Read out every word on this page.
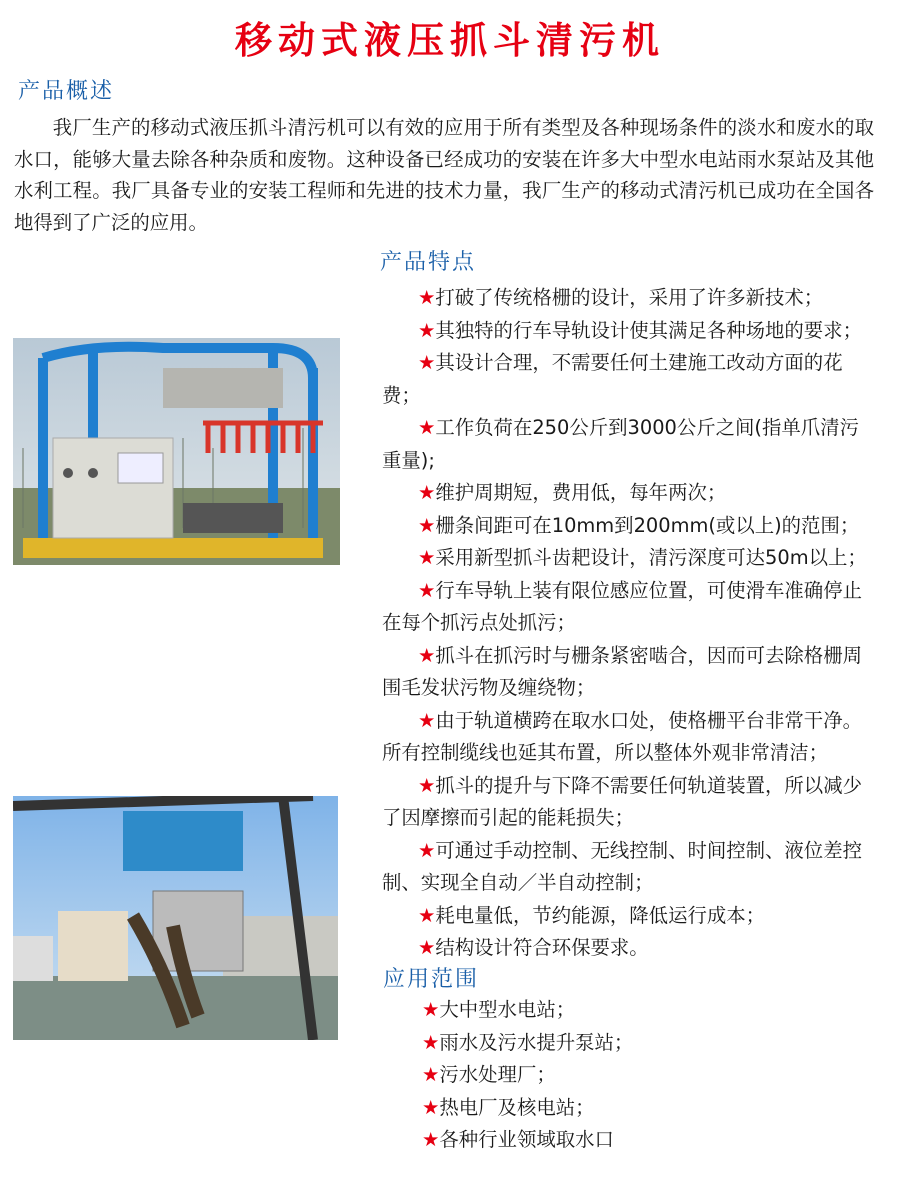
移动式液压抓斗清污机
产品概述
我厂生产的移动式液压抓斗清污机可以有效的应用于所有类型及各种现场条件的淡水和废水的取水口，能够大量去除各种杂质和废物。这种设备已经成功的安装在许多大中型水电站雨水泵站及其他水利工程。我厂具备专业的安装工程师和先进的技术力量，我厂生产的移动式清污机已成功在全国各地得到了广泛的应用。
产品特点
★打破了传统格栅的设计，采用了许多新技术；
★其独特的行车导轨设计使其满足各种场地的要求；
★其设计合理，不需要任何土建施工改动方面的花费；
★工作负荷在250公斤到3000公斤之间(指单爪清污重量);
★维护周期短，费用低，每年两次；
★栅条间距可在10mm到200mm(或以上)的范围；
★采用新型抓斗齿耙设计，清污深度可达50m以上；
★行车导轨上装有限位感应位置，可使滑车准确停止在每个抓污点处抓污；
★抓斗在抓污时与栅条紧密啮合，因而可去除格栅周围毛发状污物及缠绕物；
★由于轨道横跨在取水口处，使格栅平台非常干净。所有控制缆线也延其布置，所以整体外观非常清洁；
★抓斗的提升与下降不需要任何轨道装置，所以减少了因摩擦而引起的能耗损失；
★可通过手动控制、无线控制、时间控制、液位差控制、实现全自动／半自动控制；
★耗电量低，节约能源，降低运行成本；
★结构设计符合环保要求。
应用范围
★大中型水电站；
★雨水及污水提升泵站；
★污水处理厂；
★热电厂及核电站；
★各种行业领域取水口
